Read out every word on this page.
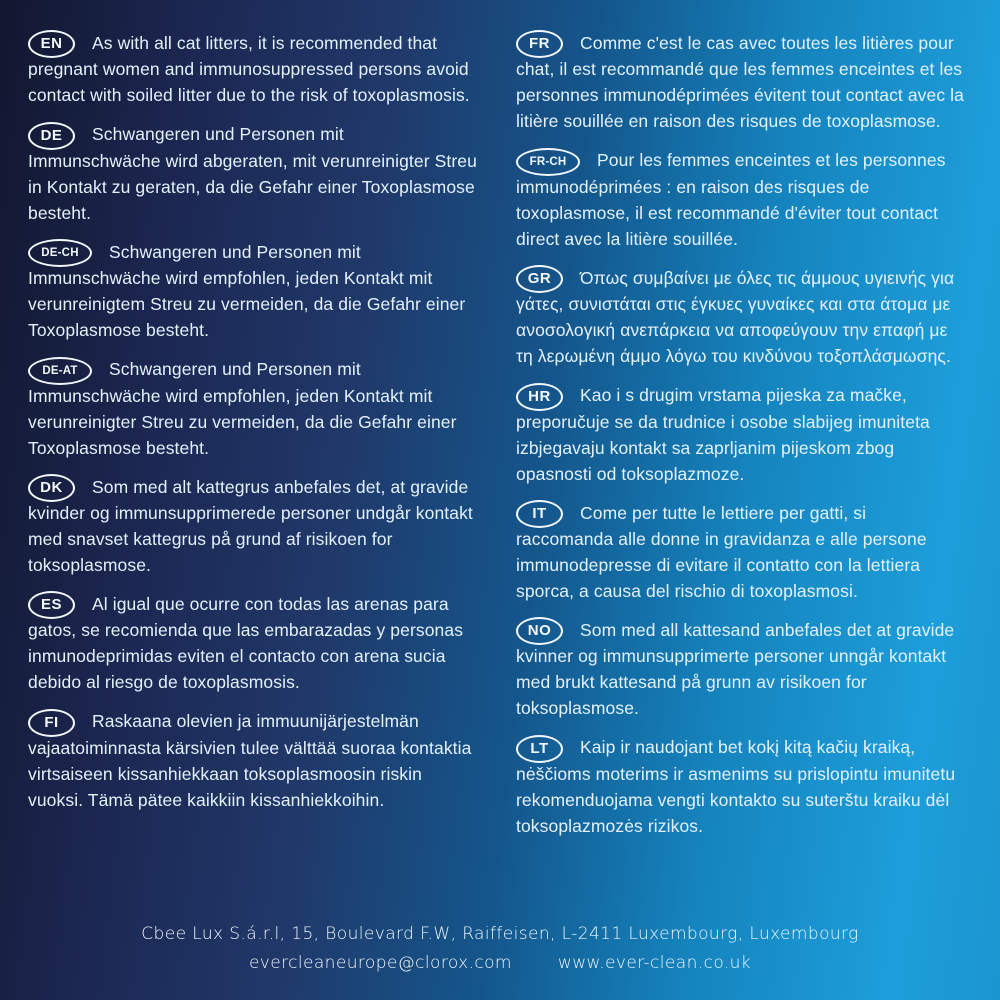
EN As with all cat litters, it is recommended that pregnant women and immunosuppressed persons avoid contact with soiled litter due to the risk of toxoplasmosis.

DE Schwangeren und Personen mit Immunschwäche wird abgeraten, mit verunreinigter Streu in Kontakt zu geraten, da die Gefahr einer Toxoplasmose besteht.

DE-CH Schwangeren und Personen mit Immunschwäche wird empfohlen, jeden Kontakt mit verunreinigtem Streu zu vermeiden, da die Gefahr einer Toxoplasmose besteht.

DE-AT Schwangeren und Personen mit Immunschwäche wird empfohlen, jeden Kontakt mit verunreinigter Streu zu vermeiden, da die Gefahr einer Toxoplasmose besteht.

DK Som med alt kattegrus anbefales det, at gravide kvinder og immunsupprimerede personer undgår kontakt med snavset kattegrus på grund af risikoen for toksoplasmose.

ES Al igual que ocurre con todas las arenas para gatos, se recomienda que las embarazadas y personas inmunodeprimidas eviten el contacto con arena sucia debido al riesgo de toxoplasmosis.

FI Raskaana olevien ja immuunijärjestelmän vajaatoiminnasta kärsivien tulee välttää suoraa kontaktia virtsaiseen kissanhiekkaan toksoplasmoosin riskin vuoksi. Tämä pätee kaikkiin kissanhiekkoihin.

FR Comme c'est le cas avec toutes les litières pour chat, il est recommandé que les femmes enceintes et les personnes immunodéprimées évitent tout contact avec la litière souillée en raison des risques de toxoplasmose.

FR-CH Pour les femmes enceintes et les personnes immunodéprimées : en raison des risques de toxoplasmose, il est recommandé d'éviter tout contact direct avec la litière souillée.

GR Όπως συμβαίνει με όλες τις άμμους υγιεινής για γάτες, συνιστάται στις έγκυες γυναίκες και στα άτομα με ανοσολογική ανεπάρκεια να αποφεύγουν την επαφή με τη λερωμένη άμμο λόγω του κινδύνου τοξοπλάσμωσης.

HR Kao i s drugim vrstama pijeska za mačke, preporučuje se da trudnice i osobe slabijeg imuniteta izbjegavaju kontakt sa zaprljanim pijeskom zbog opasnosti od toksoplazmoze.

IT Come per tutte le lettiere per gatti, si raccomanda alle donne in gravidanza e alle persone immunodepresse di evitare il contatto con la lettiera sporca, a causa del rischio di toxoplasmosi.

NO Som med all kattesand anbefales det at gravide kvinner og immunsupprimerte personer unngår kontakt med brukt kattesand på grunn av risikoen for toksoplasmose.

LT Kaip ir naudojant bet kokį kitą kačių kraiką, nėščioms moterims ir asmenims su prislopintu imunitetu rekomenduojama vengti kontakto su suterštu kraiku dėl toksoplazmozės rizikos.

Cbee Lux S.á.r.l, 15, Boulevard F.W, Raiffeisen, L-2411 Luxembourg, Luxembourg
evercleaneurope@clorox.com	www.ever-clean.co.uk
